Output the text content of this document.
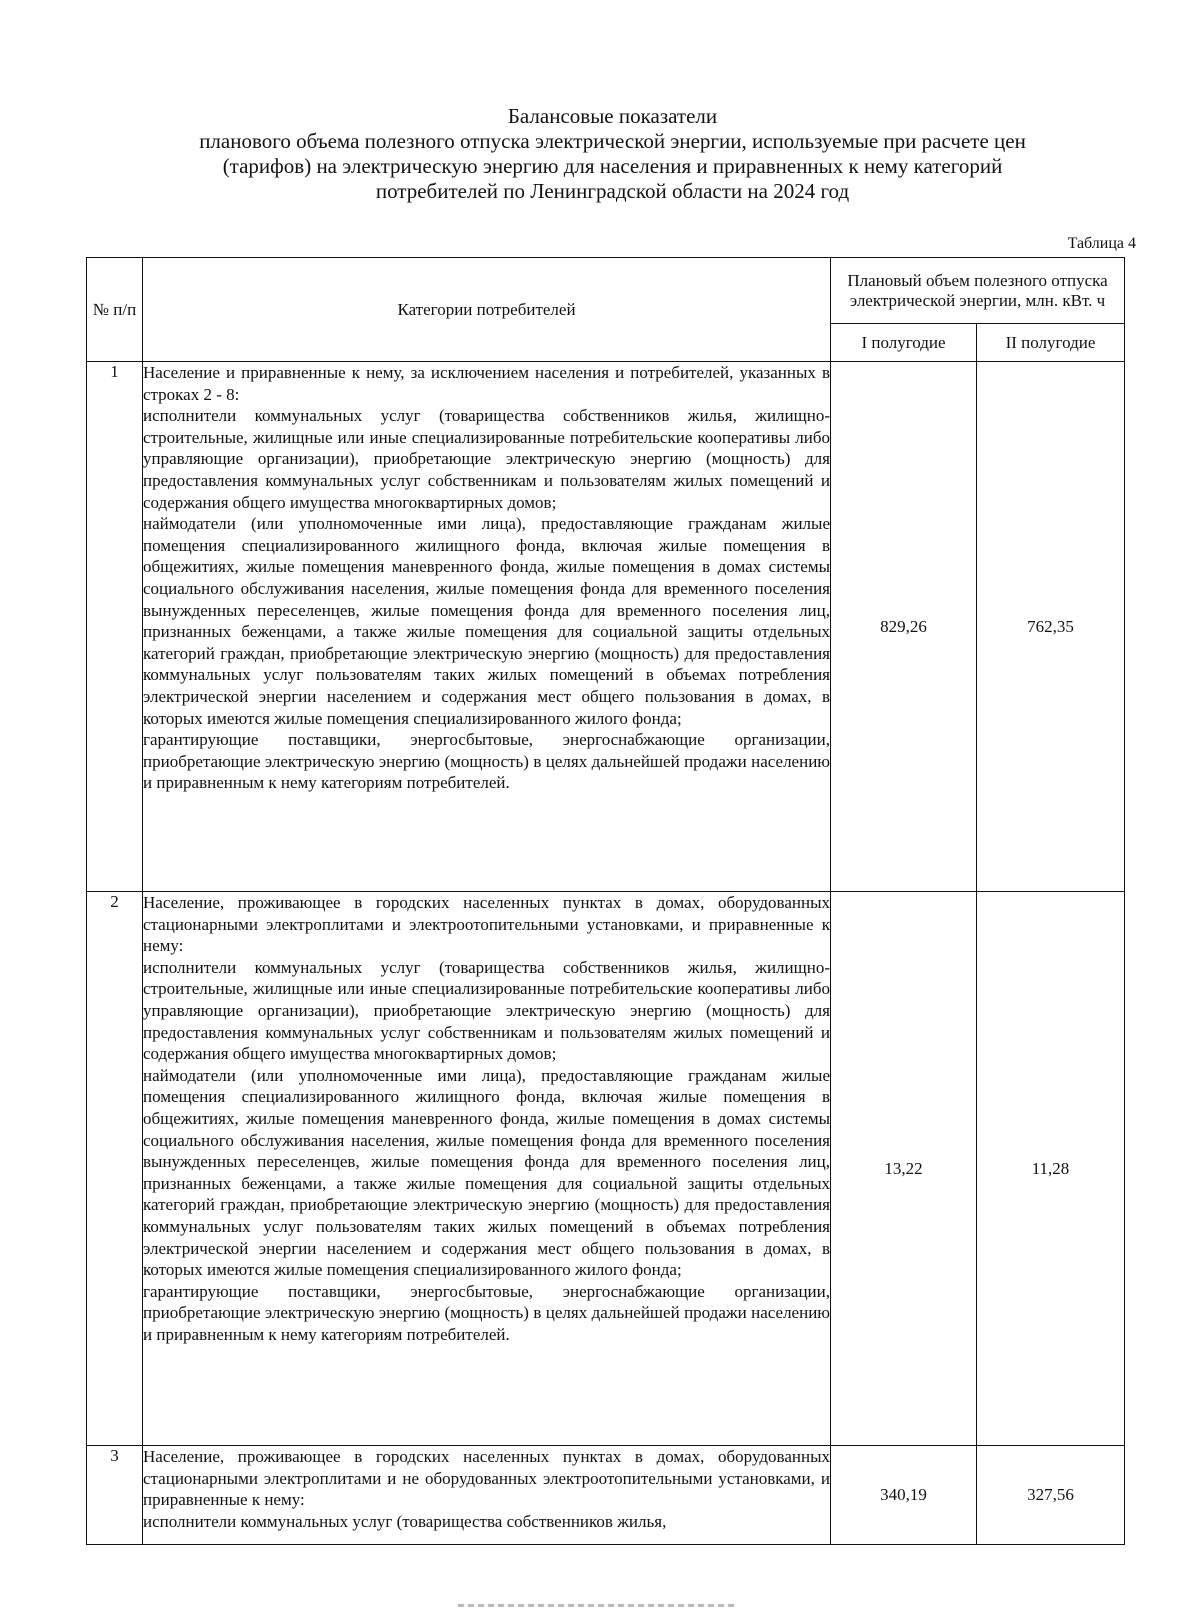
Балансовые показатели
планового объема полезного отпуска электрической энергии, используемые при расчете цен
(тарифов) на электрическую энергию для населения и приравненных к нему категорий
потребителей по Ленинградской области на 2024 год
Таблица 4
№ п/п	Категории потребителей	Плановый объем полезного отпуска электрической энергии, млн. кВт. ч	
		I полугодие	II полугодие
1	Население и приравненные к нему, за исключением населения и потребителей, указанных в строках 2 - 8:

исполнители коммунальных услуг (товарищества собственников жилья, жилищно-строительные, жилищные или иные специализированные потребительские кооперативы либо управляющие организации), приобретающие электрическую энергию (мощность) для предоставления коммунальных услуг собственникам и пользователям жилых помещений и содержания общего имущества многоквартирных домов;

наймодатели (или уполномоченные ими лица), предоставляющие гражданам жилые помещения специализированного жилищного фонда, включая жилые помещения в общежитиях, жилые помещения маневренного фонда, жилые помещения в домах системы социального обслуживания населения, жилые помещения фонда для временного поселения вынужденных переселенцев, жилые помещения фонда для временного поселения лиц, признанных беженцами, а также жилые помещения для социальной защиты отдельных категорий граждан, приобретающие электрическую энергию (мощность) для предоставления коммунальных услуг пользователям таких жилых помещений в объемах потребления электрической энергии населением и содержания мест общего пользования в домах, в которых имеются жилые помещения специализированного жилого фонда;

гарантирующие поставщики, энергосбытовые, энергоснабжающие организации, приобретающие электрическую энергию (мощность) в целях дальнейшей продажи населению и приравненным к нему категориям потребителей.	829,26	762,35
2	Население, проживающее в городских населенных пунктах в домах, оборудованных стационарными электроплитами и электроотопительными установками, и приравненные к нему:

исполнители коммунальных услуг (товарищества собственников жилья, жилищно-строительные, жилищные или иные специализированные потребительские кооперативы либо управляющие организации), приобретающие электрическую энергию (мощность) для предоставления коммунальных услуг собственникам и пользователям жилых помещений и содержания общего имущества многоквартирных домов;

наймодатели (или уполномоченные ими лица), предоставляющие гражданам жилые помещения специализированного жилищного фонда, включая жилые помещения в общежитиях, жилые помещения маневренного фонда, жилые помещения в домах системы социального обслуживания населения, жилые помещения фонда для временного поселения вынужденных переселенцев, жилые помещения фонда для временного поселения лиц, признанных беженцами, а также жилые помещения для социальной защиты отдельных категорий граждан, приобретающие электрическую энергию (мощность) для предоставления коммунальных услуг пользователям таких жилых помещений в объемах потребления электрической энергии населением и содержания мест общего пользования в домах, в которых имеются жилые помещения специализированного жилого фонда;

гарантирующие поставщики, энергосбытовые, энергоснабжающие организации, приобретающие электрическую энергию (мощность) в целях дальнейшей продажи населению и приравненным к нему категориям потребителей.	13,22	11,28
3	Население, проживающее в городских населенных пунктах в домах, оборудованных стационарными электроплитами и не оборудованных электроотопительными установками, и приравненные к нему:

исполнители коммунальных услуг (товарищества собственников жилья,	340,19	327,56
